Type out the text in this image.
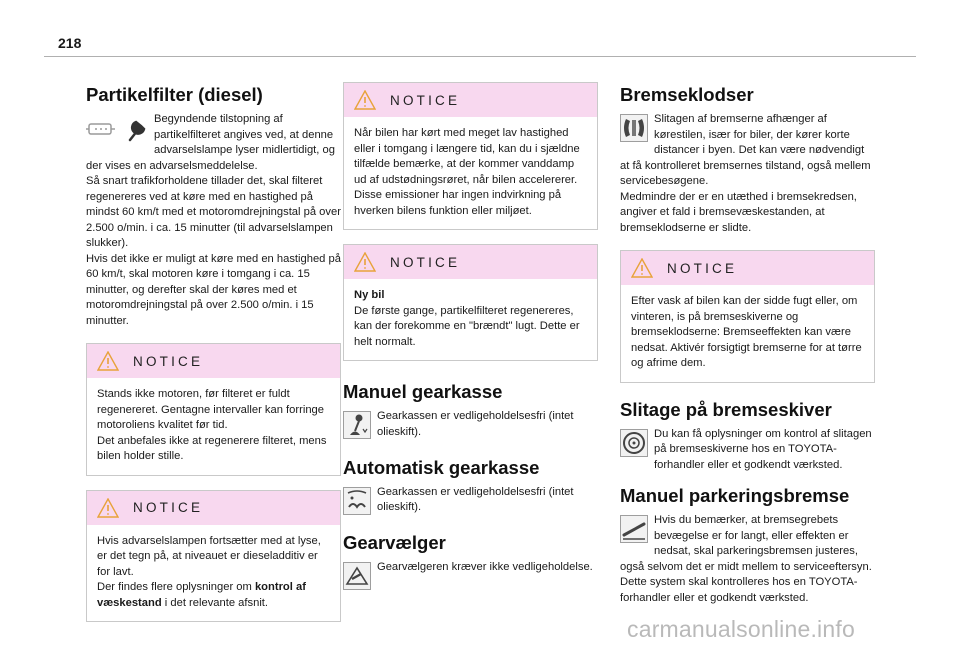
218
Partikelfilter (diesel)
Begyndende tilstopning af partikelfilteret angives ved, at denne advarselslampe lyser midlertidigt, og der vises en advarselsmeddelelse.
Så snart trafikforholdene tillader det, skal filteret regenereres ved at køre med en hastighed på mindst 60 km/t med et motoromdrejningstal på over 2.500 o/min. i ca. 15 minutter (til advarselslampen slukker).
Hvis det ikke er muligt at køre med en hastighed på 60 km/t, skal motoren køre i tomgang i ca. 15 minutter, og derefter skal der køres med et motoromdrejningstal på over 2.500 o/min. i 15 minutter.
NOTICE
Stands ikke motoren, før filteret er fuldt regenereret. Gentagne intervaller kan forringe motoroliens kvalitet før tid.
Det anbefales ikke at regenerere filteret, mens bilen holder stille.
NOTICE
Hvis advarselslampen fortsætter med at lyse, er det tegn på, at niveauet er dieseladditiv er for lavt.
Der findes flere oplysninger om kontrol af væskestand i det relevante afsnit.
NOTICE
Når bilen har kørt med meget lav hastighed eller i tomgang i længere tid, kan du i sjældne tilfælde bemærke, at der kommer vanddamp ud af udstødningsrøret, når bilen accelererer. Disse emissioner har ingen indvirkning på hverken bilens funktion eller miljøet.
NOTICE
Ny bil
De første gange, partikelfilteret regenereres, kan der forekomme en "brændt" lugt. Dette er helt normalt.
Manuel gearkasse
Gearkassen er vedligeholdelsesfri (intet olieskift).
Automatisk gearkasse
Gearkassen er vedligeholdelsesfri (intet olieskift).
Gearvælger
Gearvælgeren kræver ikke vedligeholdelse.
Bremseklodser
Slitagen af bremserne afhænger af kørestilen, især for biler, der kører korte distancer i byen. Det kan være nødvendigt at få kontrolleret bremsernes tilstand, også mellem servicebesøgene.
Medmindre der er en utæthed i bremsekredsen, angiver et fald i bremsevæskestanden, at bremseklodserne er slidte.
NOTICE
Efter vask af bilen kan der sidde fugt eller, om vinteren, is på bremseskiverne og bremseklodserne: Bremseeffekten kan være nedsat. Aktivér forsigtigt bremserne for at tørre og afrime dem.
Slitage på bremseskiver
Du kan få oplysninger om kontrol af slitagen på bremseskiverne hos en TOYOTA-forhandler eller et godkendt værksted.
Manuel parkeringsbremse
Hvis du bemærker, at bremsegrebets bevægelse er for langt, eller effekten er nedsat, skal parkeringsbremsen justeres, også selvom det er midt mellem to serviceeftersyn.
Dette system skal kontrolleres hos en TOYOTA-forhandler eller et godkendt værksted.
carmanualsonline.info
